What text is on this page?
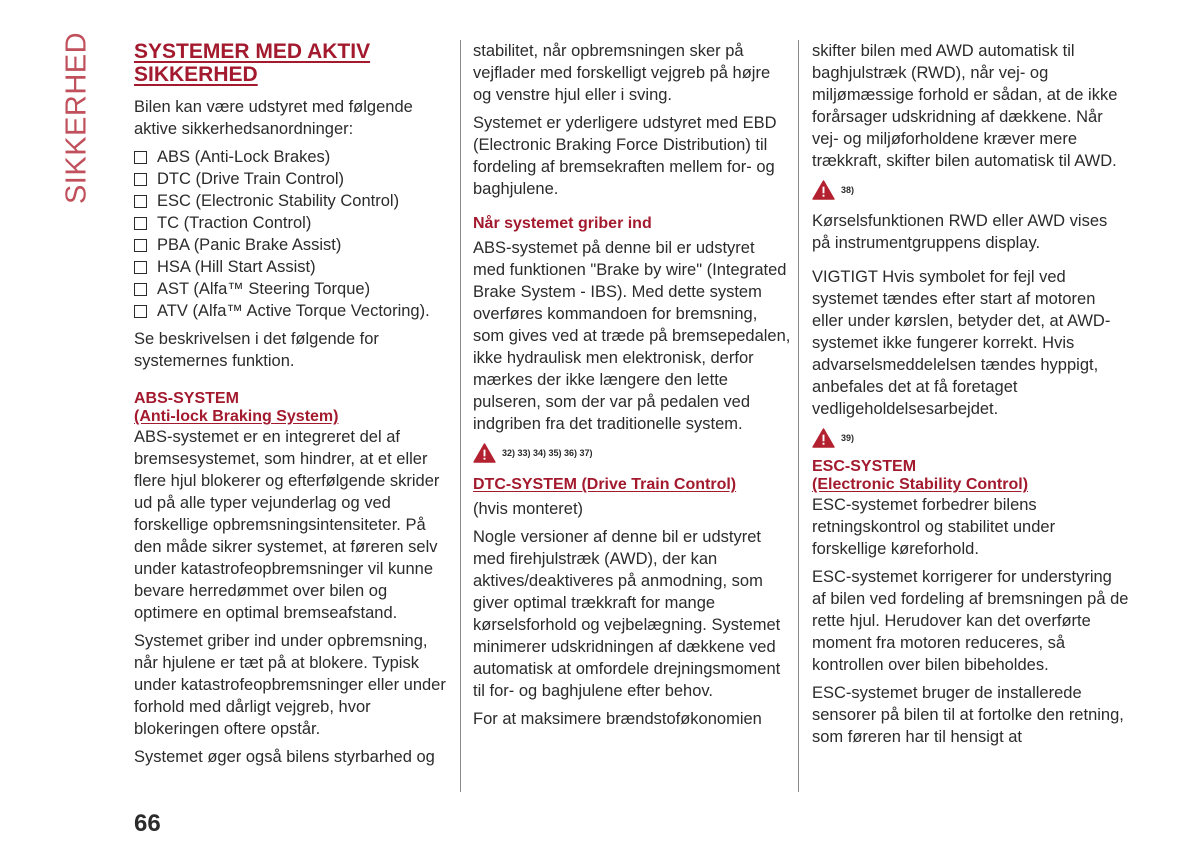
SIKKERHED SYSTEMER MED AKTIV
SIKKERHED

Bilen kan være udstyret med følgende aktive sikkerhedsanordninger:

ABS (Anti-Lock Brakes)
DTC (Drive Train Control)
ESC (Electronic Stability Control)
TC (Traction Control)
PBA (Panic Brake Assist)
HSA (Hill Start Assist)
AST (Alfa™ Steering Torque)
ATV (Alfa™ Active Torque Vectoring).

Se beskrivelsen i det følgende for systemernes funktion.

ABS-SYSTEM
(Anti-lock Braking System)

ABS-systemet er en integreret del af bremsesystemet, som hindrer, at et eller flere hjul blokerer og efterfølgende skrider ud på alle typer vejunderlag og ved forskellige opbremsningsintensiteter. På den måde sikrer systemet, at føreren selv under katastrofeopbremsninger vil kunne bevare herredømmet over bilen og optimere en optimal bremseafstand.

Systemet griber ind under opbremsning, når hjulene er tæt på at blokere. Typisk under katastrofeopbremsninger eller under forhold med dårligt vejgreb, hvor blokeringen oftere opstår.

Systemet øger også bilens styrbarhed og

stabilitet, når opbremsningen sker på vejflader med forskelligt vejgreb på højre og venstre hjul eller i sving.

Systemet er yderligere udstyret med EBD (Electronic Braking Force Distribution) til fordeling af bremsekraften mellem for- og baghjulene.

Når systemet griber ind

ABS-systemet på denne bil er udstyret med funktionen "Brake by wire" (Integrated Brake System - IBS). Med dette system overføres kommandoen for bremsning, som gives ved at træde på bremsepedalen, ikke hydraulisk men elektronisk, derfor mærkes der ikke længere den lette pulseren, som der var på pedalen ved indgriben fra det traditionelle system.

32) 33) 34) 35) 36) 37)
DTC-SYSTEM (Drive Train Control)

(hvis monteret)

Nogle versioner af denne bil er udstyret med firehjulstræk (AWD), der kan aktives/deaktiveres på anmodning, som giver optimal trækkraft for mange kørselsforhold og vejbelægning. Systemet minimerer udskridningen af dækkene ved automatisk at omfordele drejningsmoment til for- og baghjulene efter behov.

For at maksimere brændstoføkonomien

skifter bilen med AWD automatisk til baghjulstræk (RWD), når vej- og miljømæssige forhold er sådan, at de ikke forårsager udskridning af dækkene. Når vej- og miljøforholdene kræver mere trækkraft, skifter bilen automatisk til AWD.

38)

Kørselsfunktionen RWD eller AWD vises på instrumentgruppens display.

VIGTIGT Hvis symbolet for fejl ved systemet tændes efter start af motoren eller under kørslen, betyder det, at AWD-systemet ikke fungerer korrekt. Hvis advarselsmeddelelsen tændes hyppigt, anbefales det at få foretaget vedligeholdelsesarbejdet.

39)
ESC-SYSTEM
(Electronic Stability Control)

ESC-systemet forbedrer bilens retningskontrol og stabilitet under forskellige køreforhold.

ESC-systemet korrigerer for understyring af bilen ved fordeling af bremsningen på de rette hjul. Herudover kan det overførte moment fra motoren reduceres, så kontrollen over bilen bibeholdes.

ESC-systemet bruger de installerede sensorer på bilen til at fortolke den retning, som føreren har til hensigt at

66
